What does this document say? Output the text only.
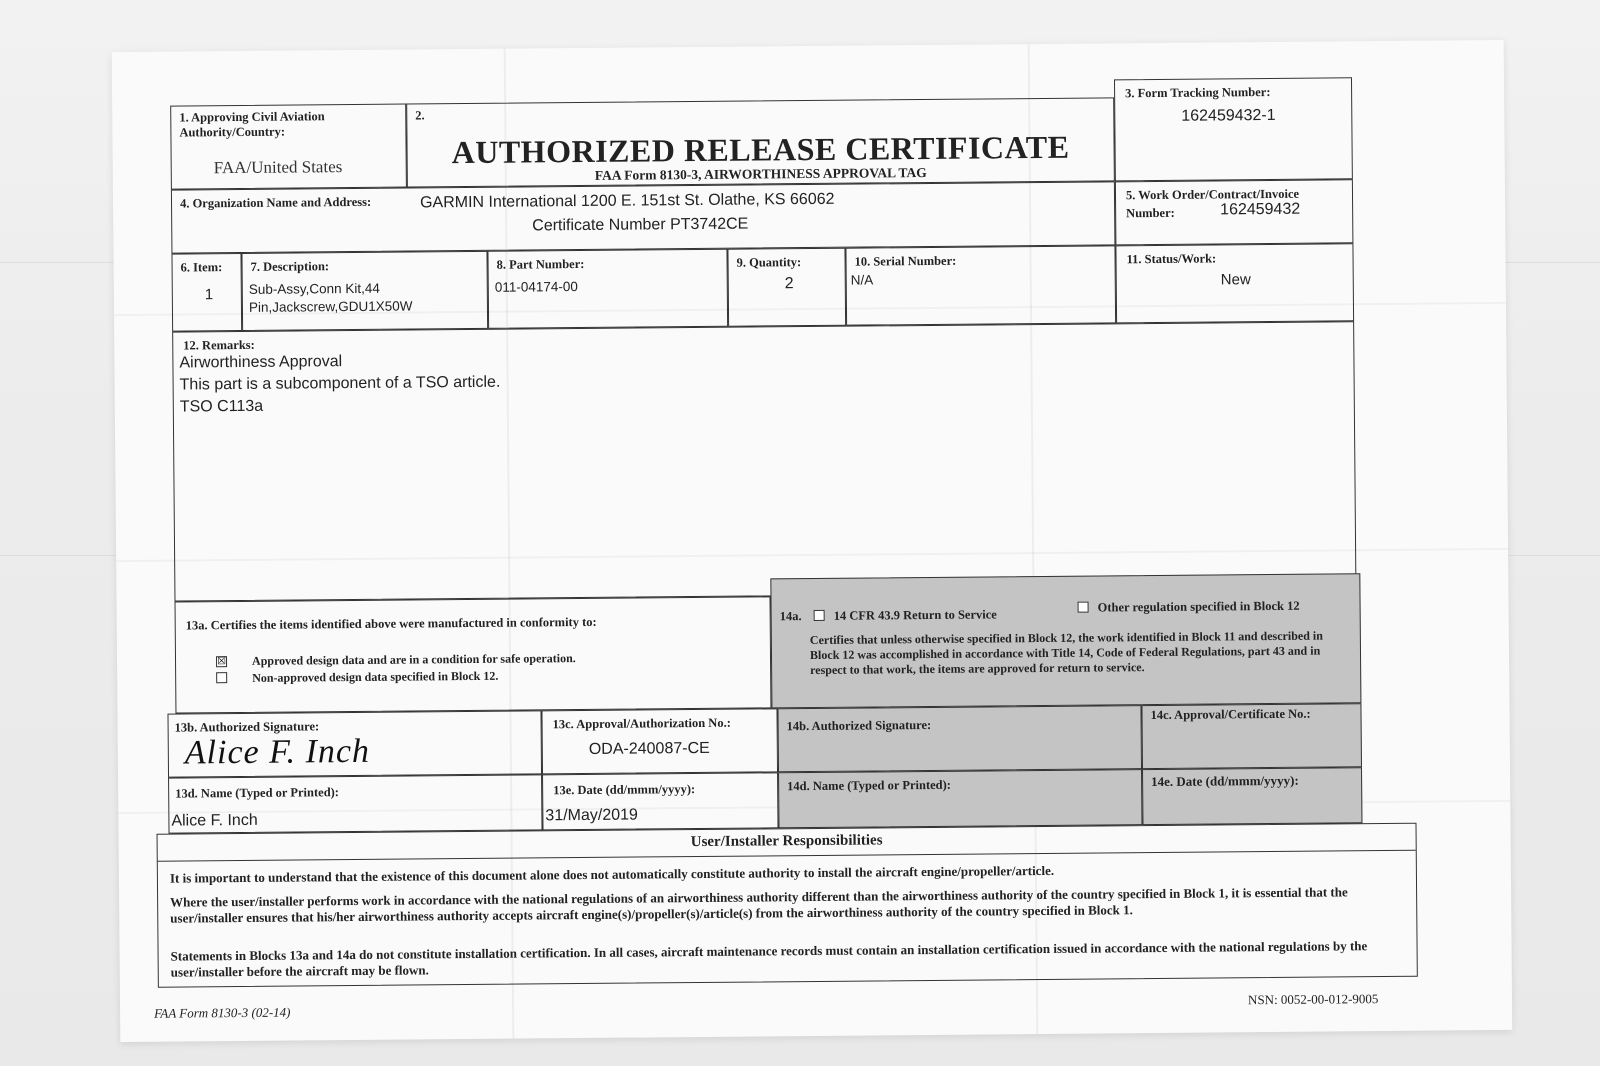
1. Approving Civil Aviation Authority/Country:
FAA/United States
2.
AUTHORIZED RELEASE CERTIFICATE
FAA Form 8130-3, AIRWORTHINESS APPROVAL TAG
3. Form Tracking Number:
162459432-1
4. Organization Name and Address:	GARMIN International 1200 E. 151st St. Olathe, KS 66062
Certificate Number PT3742CE
5. Work Order/Contract/Invoice
Number:	162459432
6. Item:
1
7. Description:
Sub-Assy,Conn Kit,44
Pin,Jackscrew,GDU1X50W
8. Part Number:
011-04174-00
9. Quantity:
2
10. Serial Number:
N/A
11. Status/Work:
New
12. Remarks:
Airworthiness Approval
This part is a subcomponent of a TSO article.
TSO C113a
13a. Certifies the items identified above were manufactured in conformity to:
☒ Approved design data and are in a condition for safe operation.
Non-approved design data specified in Block 12.
14a.	14 CFR 43.9 Return to Service
Other regulation specified in Block 12
Certifies that unless otherwise specified in Block 12, the work identified in Block 11 and described in Block 12 was accomplished in accordance with Title 14, Code of Federal Regulations, part 43 and in respect to that work, the items are approved for return to service.
13b. Authorized Signature:
Alice F. Inch
13c. Approval/Authorization No.:
ODA-240087-CE
14b. Authorized Signature:
14c. Approval/Certificate No.:
13d. Name (Typed or Printed):
Alice F. Inch
13e. Date (dd/mmm/yyyy):
31/May/2019
14d. Name (Typed or Printed):	14e. Date (dd/mmm/yyyy):
User/Installer Responsibilities
It is important to understand that the existence of this document alone does not automatically constitute authority to install the aircraft engine/propeller/article.
Where the user/installer performs work in accordance with the national regulations of an airworthiness authority different than the airworthiness authority of the country specified in Block 1, it is essential that the user/installer ensures that his/her airworthiness authority accepts aircraft engine(s)/propeller(s)/article(s) from the airworthiness authority of the country specified in Block 1.
Statements in Blocks 13a and 14a do not constitute installation certification. In all cases, aircraft maintenance records must contain an installation certification issued in accordance with the national regulations by the user/installer before the aircraft may be flown.
FAA Form 8130-3 (02-14)
NSN: 0052-00-012-9005
